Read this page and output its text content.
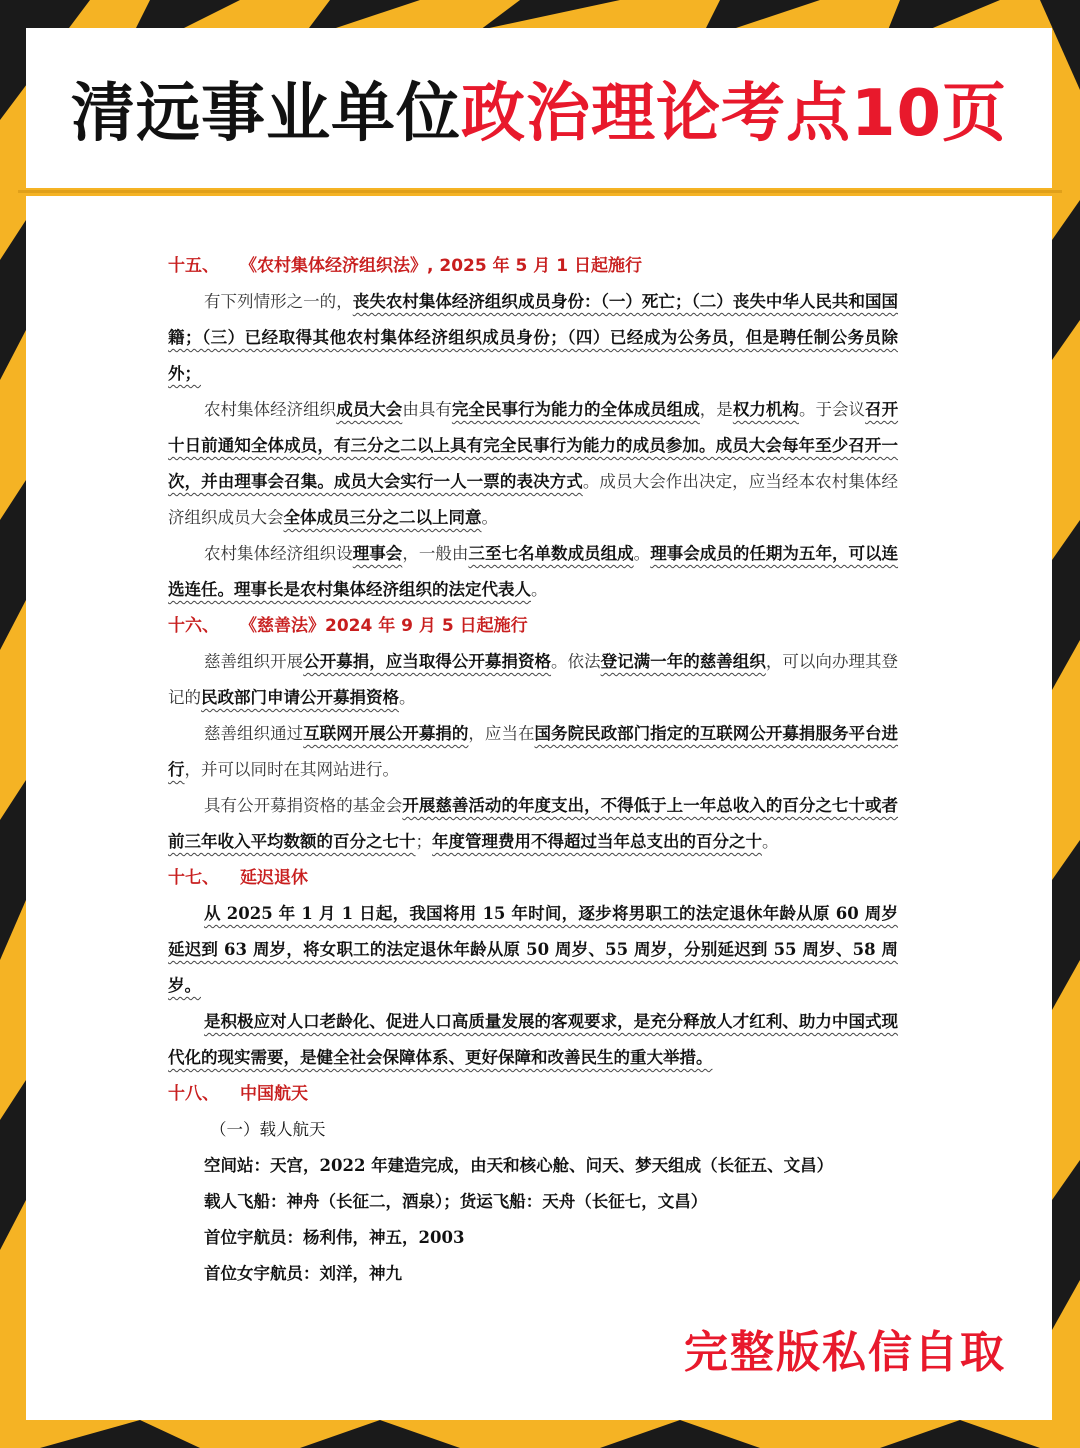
清远事业单位政治理论考点10页
十五、 《农村集体经济组织法》, 2025 年 5 月 1 日起施行

有下列情形之一的，丧失农村集体经济组织成员身份：（一）死亡；（二）丧失中华人民共和国国籍；（三）已经取得其他农村集体经济组织成员身份；（四）已经成为公务员，但是聘任制公务员除外；

农村集体经济组织成员大会由具有完全民事行为能力的全体成员组成，是权力机构。于会议召开十日前通知全体成员，有三分之二以上具有完全民事行为能力的成员参加。成员大会每年至少召开一次，并由理事会召集。成员大会实行一人一票的表决方式。成员大会作出决定，应当经本农村集体经济组织成员大会全体成员三分之二以上同意。

农村集体经济组织设理事会，一般由三至七名单数成员组成。理事会成员的任期为五年，可以连选连任。理事长是农村集体经济组织的法定代表人。

十六、 《慈善法》2024 年 9 月 5 日起施行

慈善组织开展公开募捐，应当取得公开募捐资格。依法登记满一年的慈善组织，可以向办理其登记的民政部门申请公开募捐资格。

慈善组织通过互联网开展公开募捐的，应当在国务院民政部门指定的互联网公开募捐服务平台进行，并可以同时在其网站进行。

具有公开募捐资格的基金会开展慈善活动的年度支出，不得低于上一年总收入的百分之七十或者前三年收入平均数额的百分之七十；年度管理费用不得超过当年总支出的百分之十。

十七、 延迟退休

从 2025 年 1 月 1 日起，我国将用 15 年时间，逐步将男职工的法定退休年龄从原 60 周岁延迟到 63 周岁，将女职工的法定退休年龄从原 50 周岁、55 周岁，分别延迟到 55 周岁、58 周岁。

是积极应对人口老龄化、促进人口高质量发展的客观要求，是充分释放人才红利、助力中国式现代化的现实需要，是健全社会保障体系、更好保障和改善民生的重大举措。

十八、 中国航天
（一）载人航天
空间站：天宫，2022 年建造完成，由天和核心舱、问天、梦天组成（长征五、文昌）
载人飞船：神舟（长征二，酒泉）；货运飞船：天舟（长征七，文昌）
首位宇航员：杨利伟，神五，2003
首位女宇航员：刘洋，神九
完整版私信自取
